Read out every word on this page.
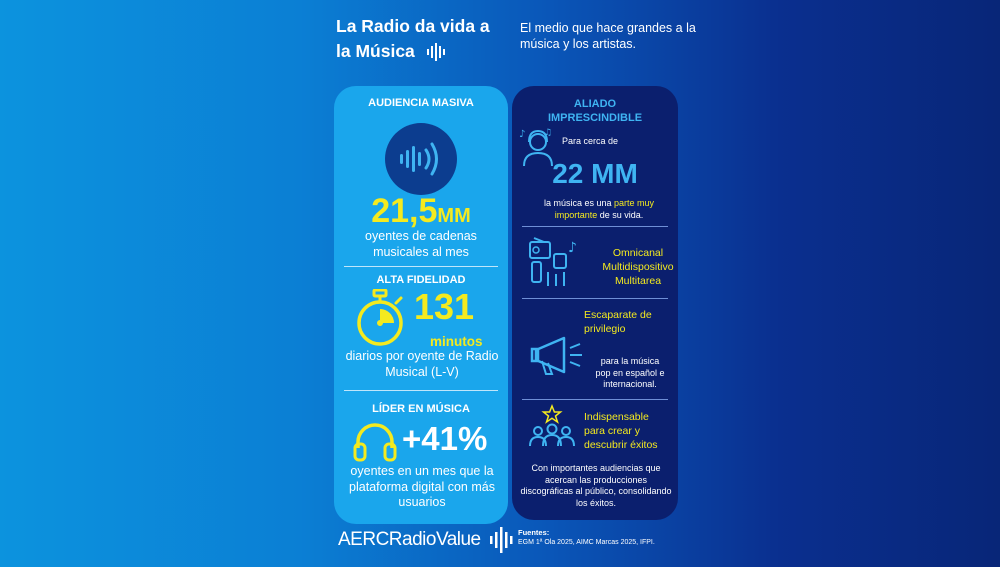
La Radio da vida a la Música
El medio que hace grandes a la música y los artistas.
AUDIENCIA MASIVA
21,5MM
oyentes de cadenas musicales al mes
ALTA FIDELIDAD
131
minutos
diarios por oyente de Radio Musical (L-V)
LÍDER EN MÚSICA
+41%
oyentes en un mes que la plataforma digital con más usuarios
ALIADO IMPRESCINDIBLE
♪ ♫
Para cerca de
22 MM
la música es una parte muy importante de su vida.
♪	Omnicanal Multidispositivo Multitarea
Escaparate de privilegio
para la música pop en español e internacional.
Indispensable para crear y descubrir éxitos
Con importantes audiencias que acercan las producciones discográficas al público, consolidando los éxitos.
AERCRadioValue	Fuentes:
EGM 1ª Ola 2025, AIMC Marcas 2025, IFPI.
